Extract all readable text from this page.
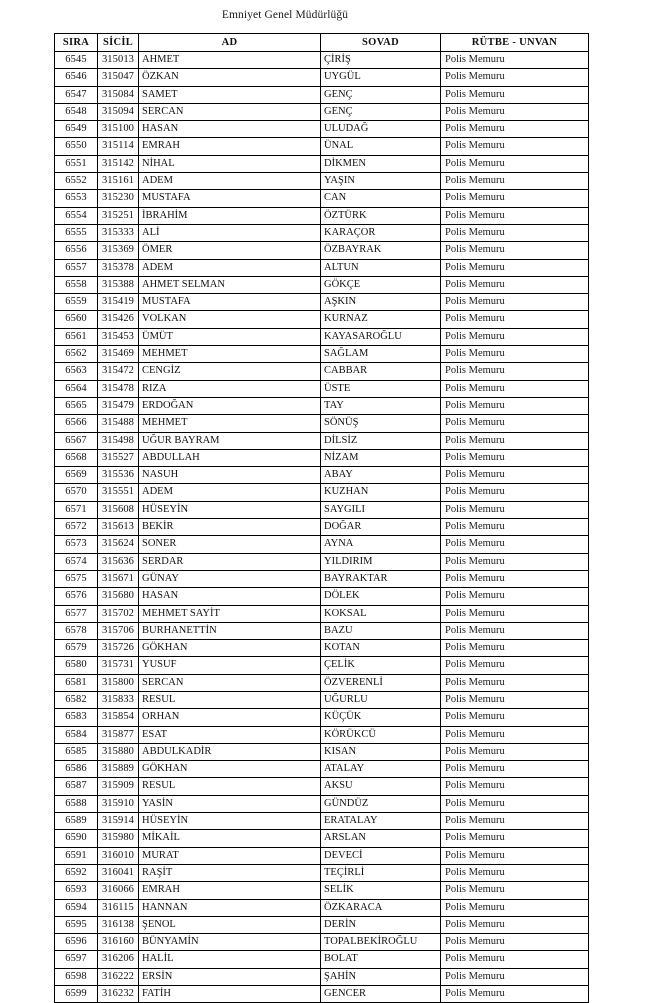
Emniyet Genel Müdürlüğü
SIRA	SİCİL	AD	SOVAD	RÜTBE - UNVAN
6545	315013	AHMET	ÇİRİŞ	Polis Memuru
6546	315047	ÖZKAN	UYGÜL	Polis Memuru
6547	315084	SAMET	GENÇ	Polis Memuru
6548	315094	SERCAN	GENÇ	Polis Memuru
6549	315100	HASAN	ULUDAĞ	Polis Memuru
6550	315114	EMRAH	ÜNAL	Polis Memuru
6551	315142	NİHAL	DİKMEN	Polis Memuru
6552	315161	ADEM	YAŞIN	Polis Memuru
6553	315230	MUSTAFA	CAN	Polis Memuru
6554	315251	İBRAHİM	ÖZTÜRK	Polis Memuru
6555	315333	ALİ	KARAÇOR	Polis Memuru
6556	315369	ÖMER	ÖZBAYRAK	Polis Memuru
6557	315378	ADEM	ALTUN	Polis Memuru
6558	315388	AHMET SELMAN	GÖKÇE	Polis Memuru
6559	315419	MUSTAFA	AŞKIN	Polis Memuru
6560	315426	VOLKAN	KURNAZ	Polis Memuru
6561	315453	ÜMÜT	KAYASAROĞLU	Polis Memuru
6562	315469	MEHMET	SAĞLAM	Polis Memuru
6563	315472	CENGİZ	CABBAR	Polis Memuru
6564	315478	RIZA	ÜSTE	Polis Memuru
6565	315479	ERDOĞAN	TAY	Polis Memuru
6566	315488	MEHMET	SÖNÜŞ	Polis Memuru
6567	315498	UĞUR BAYRAM	DİLSİZ	Polis Memuru
6568	315527	ABDULLAH	NİZAM	Polis Memuru
6569	315536	NASUH	ABAY	Polis Memuru
6570	315551	ADEM	KUZHAN	Polis Memuru
6571	315608	HÜSEYİN	SAYGILI	Polis Memuru
6572	315613	BEKİR	DOĞAR	Polis Memuru
6573	315624	SONER	AYNA	Polis Memuru
6574	315636	SERDAR	YILDIRIM	Polis Memuru
6575	315671	GÜNAY	BAYRAKTAR	Polis Memuru
6576	315680	HASAN	DÖLEK	Polis Memuru
6577	315702	MEHMET SAYİT	KOKSAL	Polis Memuru
6578	315706	BURHANETTİN	BAZU	Polis Memuru
6579	315726	GÖKHAN	KOTAN	Polis Memuru
6580	315731	YUSUF	ÇELİK	Polis Memuru
6581	315800	SERCAN	ÖZVERENLİ	Polis Memuru
6582	315833	RESUL	UĞURLU	Polis Memuru
6583	315854	ORHAN	KÜÇÜK	Polis Memuru
6584	315877	ESAT	KÖRÜKCÜ	Polis Memuru
6585	315880	ABDULKADİR	KISAN	Polis Memuru
6586	315889	GÖKHAN	ATALAY	Polis Memuru
6587	315909	RESUL	AKSU	Polis Memuru
6588	315910	YASİN	GÜNDÜZ	Polis Memuru
6589	315914	HÜSEYİN	ERATALAY	Polis Memuru
6590	315980	MİKAİL	ARSLAN	Polis Memuru
6591	316010	MURAT	DEVECİ	Polis Memuru
6592	316041	RAŞİT	TEÇİRLİ	Polis Memuru
6593	316066	EMRAH	SELİK	Polis Memuru
6594	316115	HANNAN	ÖZKARACA	Polis Memuru
6595	316138	ŞENOL	DERİN	Polis Memuru
6596	316160	BÜNYAMİN	TOPALBEKİROĞLU	Polis Memuru
6597	316206	HALİL	BOLAT	Polis Memuru
6598	316222	ERSİN	ŞAHİN	Polis Memuru
6599	316232	FATİH	GENCER	Polis Memuru
